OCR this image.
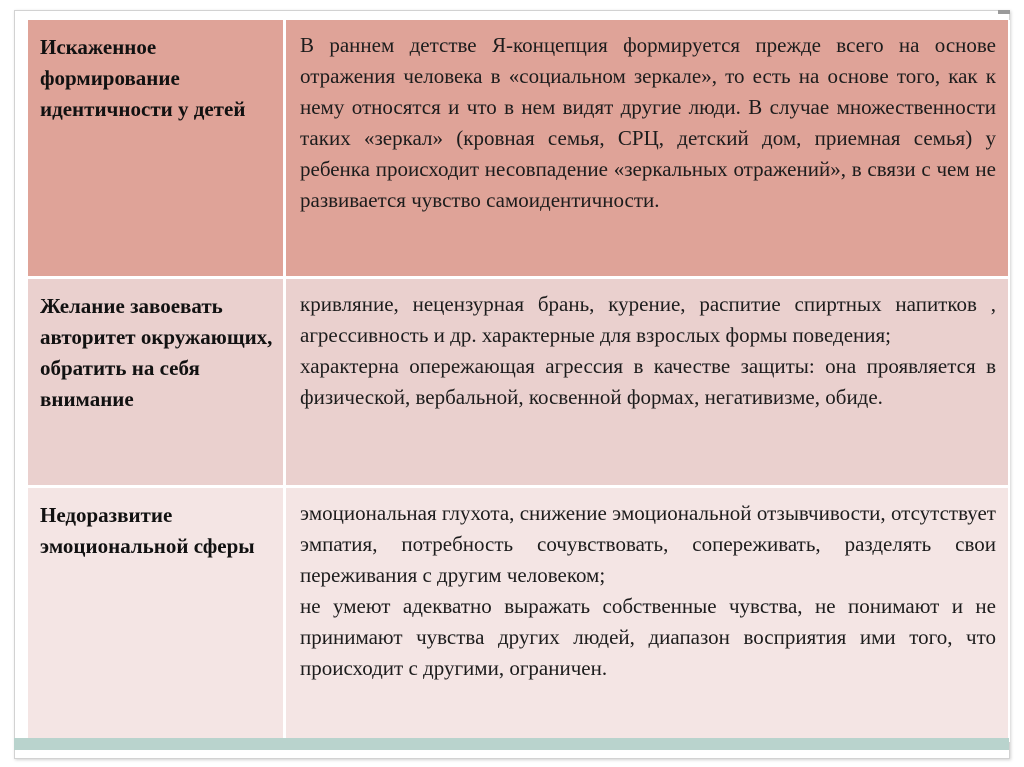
Искаженное формирование идентичности у детей

В раннем детстве Я-концепция формируется прежде всего на основе отражения человека в «социальном зеркале», то есть на основе того, как к нему относятся и что в нем видят другие люди. В случае множественности таких «зеркал» (кровная семья, СРЦ, детский дом, приемная семья) у ребенка происходит несовпадение «зеркальных отражений», в связи с чем не развивается чувство самоидентичности.

Желание завоевать авторитет окружающих, обратить на себя внимание

кривляние, нецензурная брань, курение, распитие спиртных напитков , агрессивность и др. характерные для взрослых формы поведения;

характерна опережающая агрессия в качестве защиты: она проявляется в физической, вербальной, косвенной формах, негативизме, обиде.

Недоразвитие эмоциональной сферы

эмоциональная глухота, снижение эмоциональной отзывчивости, отсутствует эмпатия, потребность сочувствовать, сопереживать, разделять свои переживания с другим человеком;

не умеют адекватно выражать собственные чувства, не понимают и не принимают чувства других людей, диапазон восприятия ими того, что происходит с другими, ограничен.
